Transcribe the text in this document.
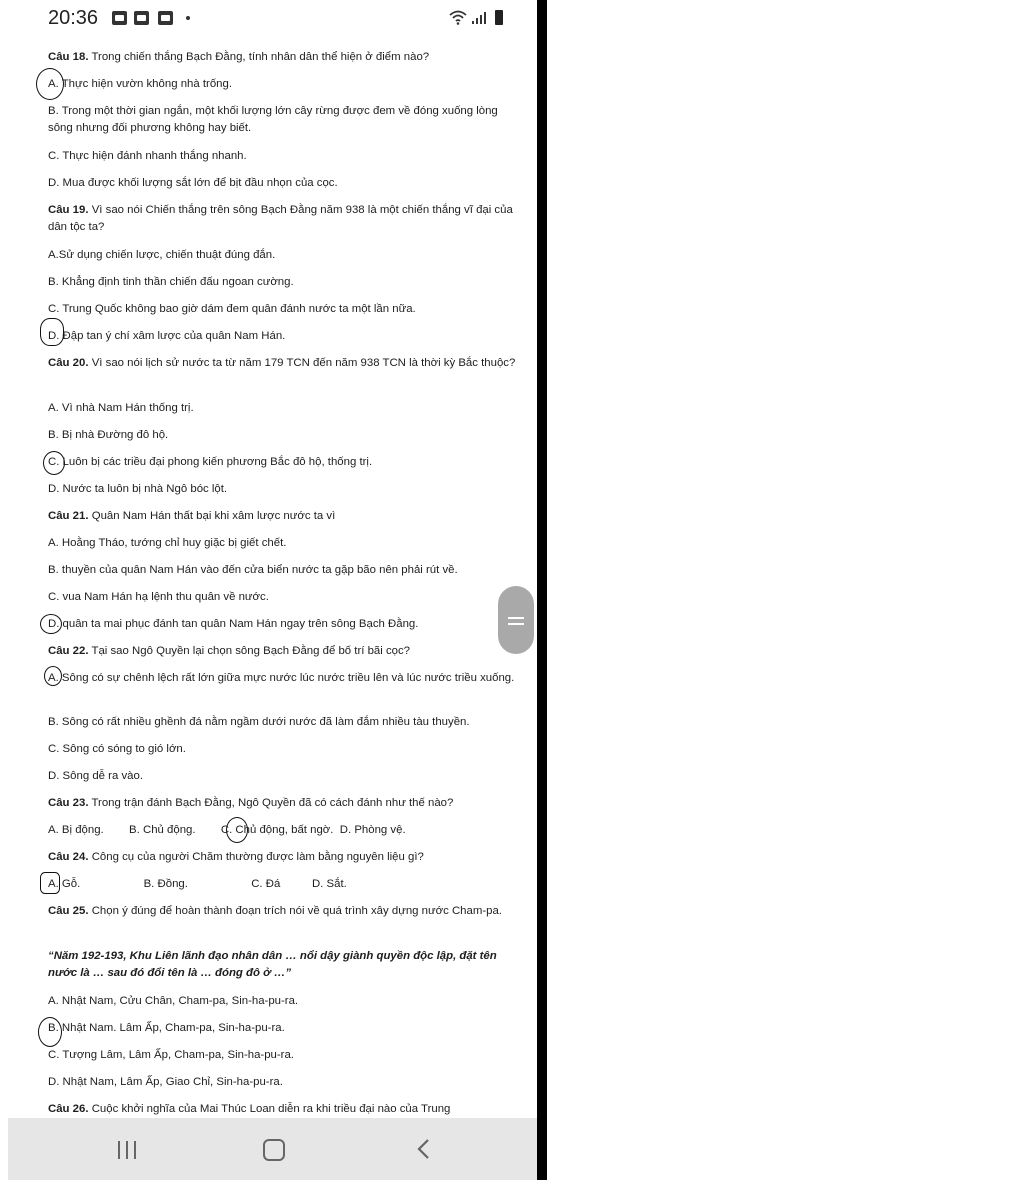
20:36
Câu 18. Trong chiến thắng Bạch Đằng, tính nhân dân thể hiện ở điểm nào?
A. Thực hiện vườn không nhà trống.
B. Trong một thời gian ngắn, một khối lượng lớn cây rừng được đem về đóng xuống lòng sông nhưng đối phương không hay biết.
C. Thực hiện đánh nhanh thắng nhanh.
D. Mua được khối lượng sắt lớn để bịt đầu nhọn của cọc.
Câu 19. Vì sao nói Chiến thắng trên sông Bạch Đằng năm 938 là một chiến thắng vĩ đại của dân tộc ta?
A.Sử dụng chiến lược, chiến thuật đúng đắn.
B. Khẳng định tinh thần chiến đấu ngoan cường.
C. Trung Quốc không bao giờ dám đem quân đánh nước ta một lần nữa.
D. Đập tan ý chí xâm lược của quân Nam Hán.
Câu 20. Vì sao nói lịch sử nước ta từ năm 179 TCN đến năm 938 TCN là thời kỳ Bắc thuộc?
A. Vì nhà Nam Hán thống trị.
B. Bị nhà Đường đô hộ.
C. Luôn bị các triều đại phong kiến phương Bắc đô hộ, thống trị.
D. Nước ta luôn bị nhà Ngô bóc lột.
Câu 21. Quân Nam Hán thất bại khi xâm lược nước ta vì
A. Hoằng Tháo, tướng chỉ huy giặc bị giết chết.
B. thuyền của quân Nam Hán vào đến cửa biển nước ta gặp bão nên phải rút về.
C. vua Nam Hán hạ lệnh thu quân về nước.
D. quân ta mai phục đánh tan quân Nam Hán ngay trên sông Bạch Đằng.
Câu 22. Tại sao Ngô Quyền lại chọn sông Bạch Đằng để bố trí bãi cọc?
A. Sông có sự chênh lệch rất lớn giữa mực nước lúc nước triều lên và lúc nước triều xuống.
B. Sông có rất nhiều ghềnh đá nằm ngầm dưới nước đã làm đắm nhiều tàu thuyền.
C. Sông có sóng to gió lớn.
D. Sông dễ ra vào.
Câu 23. Trong trận đánh Bạch Đằng, Ngô Quyền đã có cách đánh như thế nào?
A. Bị động.        B. Chủ động.        C. Chủ động, bất ngờ.  D. Phòng vệ.
Câu 24. Công cụ của người Chăm thường được làm bằng nguyên liệu gì?
A. Gỗ.                    B. Đồng.                    C. Đá          D. Sắt.
Câu 25. Chọn ý đúng để hoàn thành đoạn trích nói về quá trình xây dựng nước Cham-pa.
“Năm 192-193, Khu Liên lãnh đạo nhân dân … nổi dậy giành quyền độc lập, đặt tên nước là … sau đó đổi tên là … đóng đô ở …”
A. Nhật Nam, Cửu Chân, Cham-pa, Sin-ha-pu-ra.
B. Nhật Nam. Lâm Ấp, Cham-pa, Sin-ha-pu-ra.
C. Tượng Lâm, Lâm Ấp, Cham-pa, Sin-ha-pu-ra.
D. Nhật Nam, Lâm Ấp, Giao Chỉ, Sin-ha-pu-ra.
Câu 26. Cuộc khởi nghĩa của Mai Thúc Loan diễn ra khi triều đại nào của Trung
